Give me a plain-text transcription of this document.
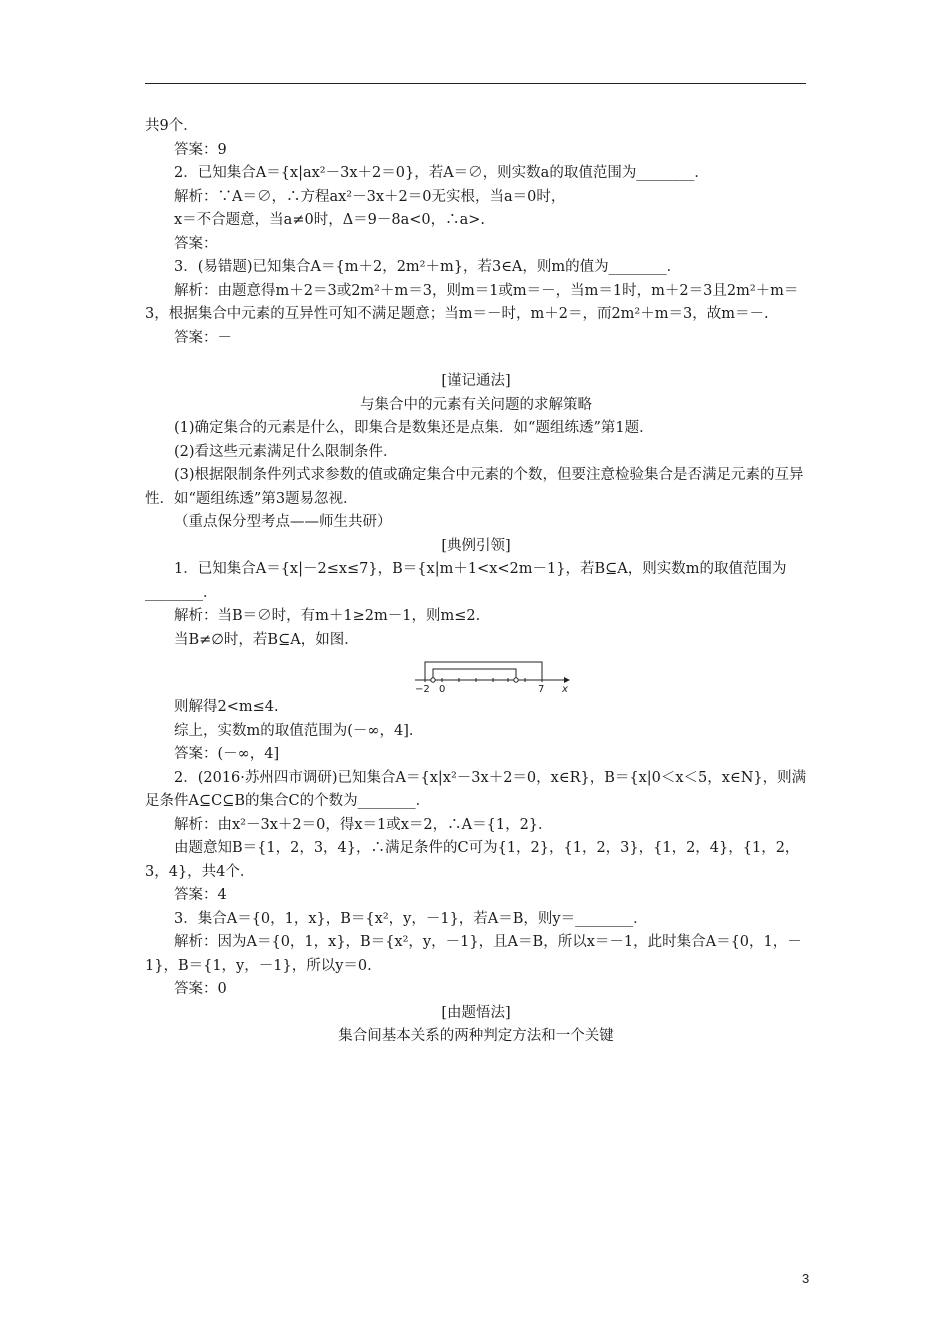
共9个．

答案：9

2．已知集合A＝{x|ax²－3x＋2＝0}，若A＝∅，则实数a的取值范围为________．

解析：∵A＝∅，∴方程ax²－3x＋2＝0无实根，当a＝0时，

x＝不合题意，当a≠0时，Δ＝9－8a<0，∴a>.

答案：

3．(易错题)已知集合A＝{m＋2，2m²＋m}，若3∈A，则m的值为________．

解析：由题意得m＋2＝3或2m²＋m＝3，则m＝1或m＝－，当m＝1时，m＋2＝3且2m²＋m＝3，根据集合中元素的互异性可知不满足题意；当m＝－时，m＋2＝，而2m²＋m＝3，故m＝－.

答案：－

[谨记通法]

与集合中的元素有关问题的求解策略

(1)确定集合的元素是什么，即集合是数集还是点集．如“题组练透”第1题．

(2)看这些元素满足什么限制条件．

(3)根据限制条件列式求参数的值或确定集合中元素的个数，但要注意检验集合是否满足元素的互异性．如“题组练透”第3题易忽视．

（重点保分型考点——师生共研）

[典例引领]

1．已知集合A＝{x|－2≤x≤7}，B＝{x|m＋1<x<2m－1}，若B⊆A，则实数m的取值范围为________．

解析：当B＝∅时，有m＋1≥2m－1，则m≤2.

当B≠∅时，若B⊆A，如图．

−2 0	7 x

则解得2<m≤4.

综上，实数m的取值范围为(－∞，4]．

答案：(－∞，4]

2．(2016·苏州四市调研)已知集合A＝{x|x²－3x＋2＝0，x∈R}，B＝{x|0＜x＜5，x∈N}，则满足条件A⊆C⊆B的集合C的个数为________．

解析：由x²－3x＋2＝0，得x＝1或x＝2，∴A＝{1，2}．

由题意知B＝{1，2，3，4}，∴满足条件的C可为{1，2}，{1，2，3}，{1，2，4}，{1，2，3，4}，共4个．

答案：4

3．集合A＝{0，1，x}，B＝{x²，y，－1}，若A＝B，则y＝________．

解析：因为A＝{0，1，x}，B＝{x²，y，－1}，且A＝B，所以x＝－1，此时集合A＝{0，1，－1}，B＝{1，y，－1}，所以y＝0.

答案：0

[由题悟法]

集合间基本关系的两种判定方法和一个关键

3
